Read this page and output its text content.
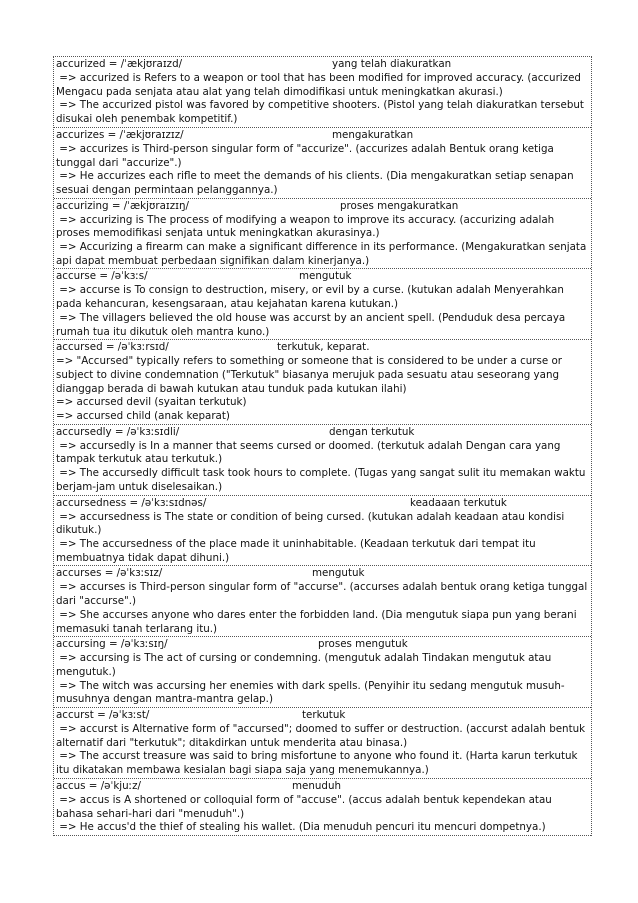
accurized = /ˈækjʊraɪzd/	yang telah diakuratkan
=> accurized is Refers to a weapon or tool that has been modified for improved accuracy. (accurized Mengacu pada senjata atau alat yang telah dimodifikasi untuk meningkatkan akurasi.)
=> The accurized pistol was favored by competitive shooters. (Pistol yang telah diakuratkan tersebut disukai oleh penembak kompetitif.)
accurizes = /ˈækjʊraɪzɪz/	mengakuratkan
=> accurizes is Third-person singular form of "accurize". (accurizes adalah Bentuk orang ketiga tunggal dari "accurize".)
=> He accurizes each rifle to meet the demands of his clients. (Dia mengakuratkan setiap senapan sesuai dengan permintaan pelanggannya.)
accurizing = /ˈækjʊraɪzɪŋ/	proses mengakuratkan
=> accurizing is The process of modifying a weapon to improve its accuracy. (accurizing adalah proses memodifikasi senjata untuk meningkatkan akurasinya.)
=> Accurizing a firearm can make a significant difference in its performance. (Mengakuratkan senjata api dapat membuat perbedaan signifikan dalam kinerjanya.)
accurse = /əˈkɜːs/	mengutuk
=> accurse is To consign to destruction, misery, or evil by a curse. (kutukan adalah Menyerahkan pada kehancuran, kesengsaraan, atau kejahatan karena kutukan.)
=> The villagers believed the old house was accurst by an ancient spell. (Penduduk desa percaya rumah tua itu dikutuk oleh mantra kuno.)
accursed = /əˈkɜːrsɪd/	terkutuk, keparat.
=> "Accursed" typically refers to something or someone that is considered to be under a curse or subject to divine condemnation ("Terkutuk" biasanya merujuk pada sesuatu atau seseorang yang dianggap berada di bawah kutukan atau tunduk pada kutukan ilahi)
=> accursed devil (syaitan terkutuk)
=> accursed child (anak keparat)
accursedly = /əˈkɜːsɪdli/	dengan terkutuk
=> accursedly is In a manner that seems cursed or doomed. (terkutuk adalah Dengan cara yang tampak terkutuk atau terkutuk.)
=> The accursedly difficult task took hours to complete. (Tugas yang sangat sulit itu memakan waktu berjam-jam untuk diselesaikan.)
accursedness = /əˈkɜːsɪdnəs/	keadaaan terkutuk
=> accursedness is The state or condition of being cursed. (kutukan adalah keadaan atau kondisi dikutuk.)
=> The accursedness of the place made it uninhabitable. (Keadaan terkutuk dari tempat itu membuatnya tidak dapat dihuni.)
accurses = /əˈkɜːsɪz/	mengutuk
=> accurses is Third-person singular form of "accurse". (accurses adalah bentuk orang ketiga tunggal dari "accurse".)
=> She accurses anyone who dares enter the forbidden land. (Dia mengutuk siapa pun yang berani memasuki tanah terlarang itu.)
accursing = /əˈkɜːsɪŋ/	proses mengutuk
=> accursing is The act of cursing or condemning. (mengutuk adalah Tindakan mengutuk atau mengutuk.)
=> The witch was accursing her enemies with dark spells. (Penyihir itu sedang mengutuk musuh-musuhnya dengan mantra-mantra gelap.)
accurst = /əˈkɜːst/	terkutuk
=> accurst is Alternative form of "accursed"; doomed to suffer or destruction. (accurst adalah bentuk alternatif dari "terkutuk"; ditakdirkan untuk menderita atau binasa.)
=> The accurst treasure was said to bring misfortune to anyone who found it. (Harta karun terkutuk itu dikatakan membawa kesialan bagi siapa saja yang menemukannya.)
accus = /əˈkjuːz/	menuduh
=> accus is A shortened or colloquial form of "accuse". (accus adalah bentuk kependekan atau bahasa sehari-hari dari "menuduh".)
=> He accus'd the thief of stealing his wallet. (Dia menuduh pencuri itu mencuri dompetnya.)
